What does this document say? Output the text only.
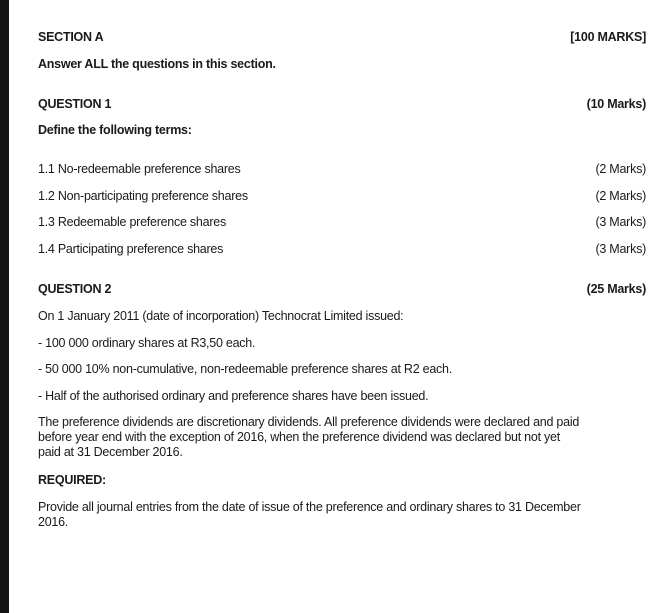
SECTION A	[100 MARKS]
Answer ALL the questions in this section.
QUESTION 1	(10 Marks)
Define the following terms:
1.1 No-redeemable preference shares	(2 Marks)
1.2 Non-participating preference shares	(2 Marks)
1.3 Redeemable preference shares	(3 Marks)
1.4 Participating preference shares	(3 Marks)
QUESTION 2	(25 Marks)
On 1 January 2011 (date of incorporation) Technocrat Limited issued:
- 100 000 ordinary shares at R3,50 each.
- 50 000 10% non-cumulative, non-redeemable preference shares at R2 each.
- Half of the authorised ordinary and preference shares have been issued.
The preference dividends are discretionary dividends. All preference dividends were declared and paid before year end with the exception of 2016, when the preference dividend was declared but not yet paid at 31 December 2016.
REQUIRED:
Provide all journal entries from the date of issue of the preference and ordinary shares to 31 December 2016.
